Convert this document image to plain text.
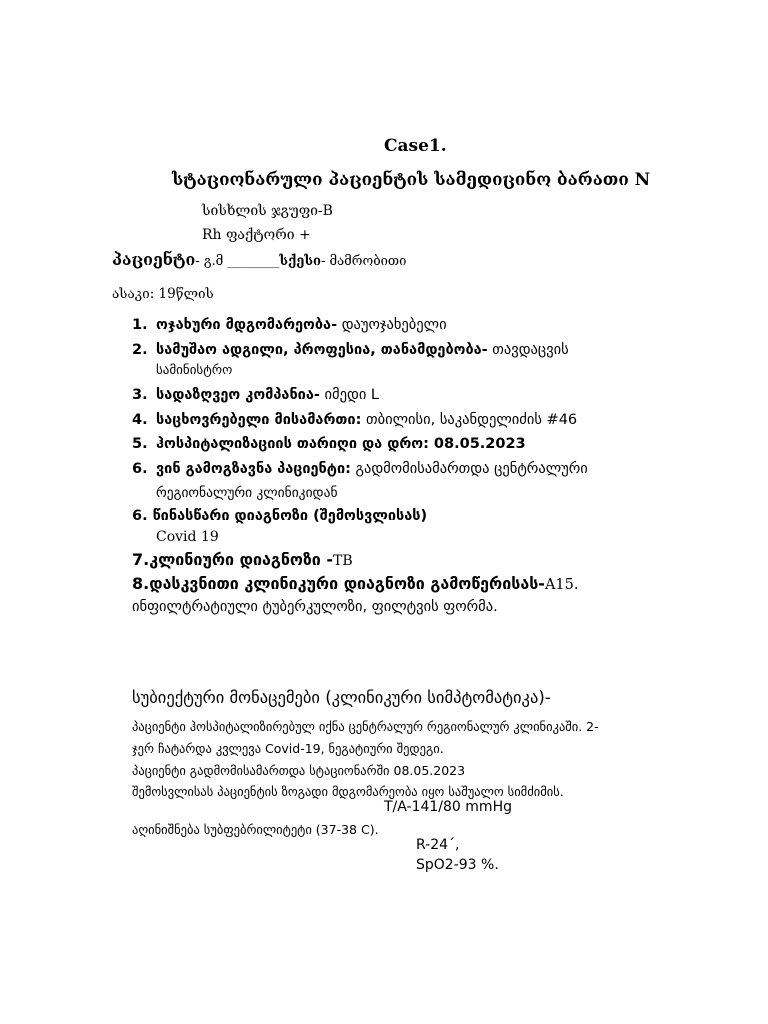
Case1.
სტაციონარული პაციენტის სამედიცინო ბარათი N
სისხლის ჯგუფი-B
Rh ფაქტორი +
პაციენტი- გ.მ ________სქესი- მამრობითი
ასაკი: 19წლის
1. ოჯახური მდგომარეობა- დაუოჯახებელი
2. სამუშაო ადგილი, პროფესია, თანამდებობა- თავდაცვის
სამინისტრო
3. სადაზღვეო კომპანია- იმედი L
4. საცხოვრებელი მისამართი: თბილისი, საკანდელიძის #46
5. ჰოსპიტალიზაციის თარიღი და დრო: 08.05.2023
6. ვინ გამოგზავნა პაციენტი: გადმომისამართდა ცენტრალური
რეგიონალური კლინიკიდან
6. წინასწარი დიაგნოზი (შემოსვლისას)
Covid 19
7.კლინიური დიაგნოზი -TB
8.დასკვნითი კლინიკური დიაგნოზი გამოწერისას-A15.
ინფილტრატიული ტუბერკულოზი, ფილტვის ფორმა.
სუბიექტური მონაცემები (კლინიკური სიმპტომატიკა)-
პაციენტი ჰოსპიტალიზირებულ იქნა ცენტრალურ რეგიონალურ კლინიკაში. 2-
ჯერ ჩატარდა კვლევა Covid-19, ნეგატიური შედეგი.
პაციენტი გადმომისამართდა სტაციონარში 08.05.2023
შემოსვლისას პაციენტის ზოგადი მდგომარეობა იყო საშუალო სიმძიმის.
T/A-141/80 mmHg
აღინიშნება სუბფებრილიტეტი (37-38 C).
R-24´,
SpO2-93 %.
